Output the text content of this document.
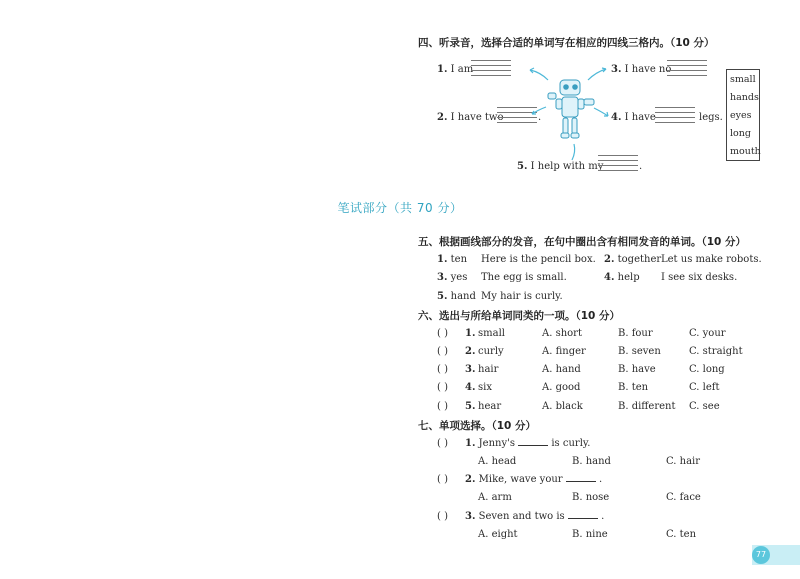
四、听录音，选择合适的单词写在相应的四线三格内。（10 分）
1. I am	3. I have no
2. I have two	.	4. I have	legs.
5. I help with my	.
small
hands
eyes
long
mouth
笔试部分（共 70 分）
五、根据画线部分的发音，在句中圈出含有相同发音的单词。（10 分）
1. ten Here is the pencil box. 2. together Let us make robots.
3. yes The egg is small.	4. help I see six desks.
5. hand My hair is curly.
六、选出与所给单词同类的一项。（10 分）
( ) 1. small	A. short	B. four	C. your
( ) 2. curly	A. finger	B. seven	C. straight
( ) 3. hair	A. hand	B. have	C. long
( ) 4. six	A. good	B. ten	C. left
( ) 5. hear	A. black	B. different C. see
七、单项选择。（10 分）
( ) 1. Jenny's	is curly.
A. head	B. hand	C. hair
( ) 2. Mike, wave your	.
A. arm	B. nose	C. face
( ) 3. Seven and two is	.
A. eight	B. nine	C. ten
77
